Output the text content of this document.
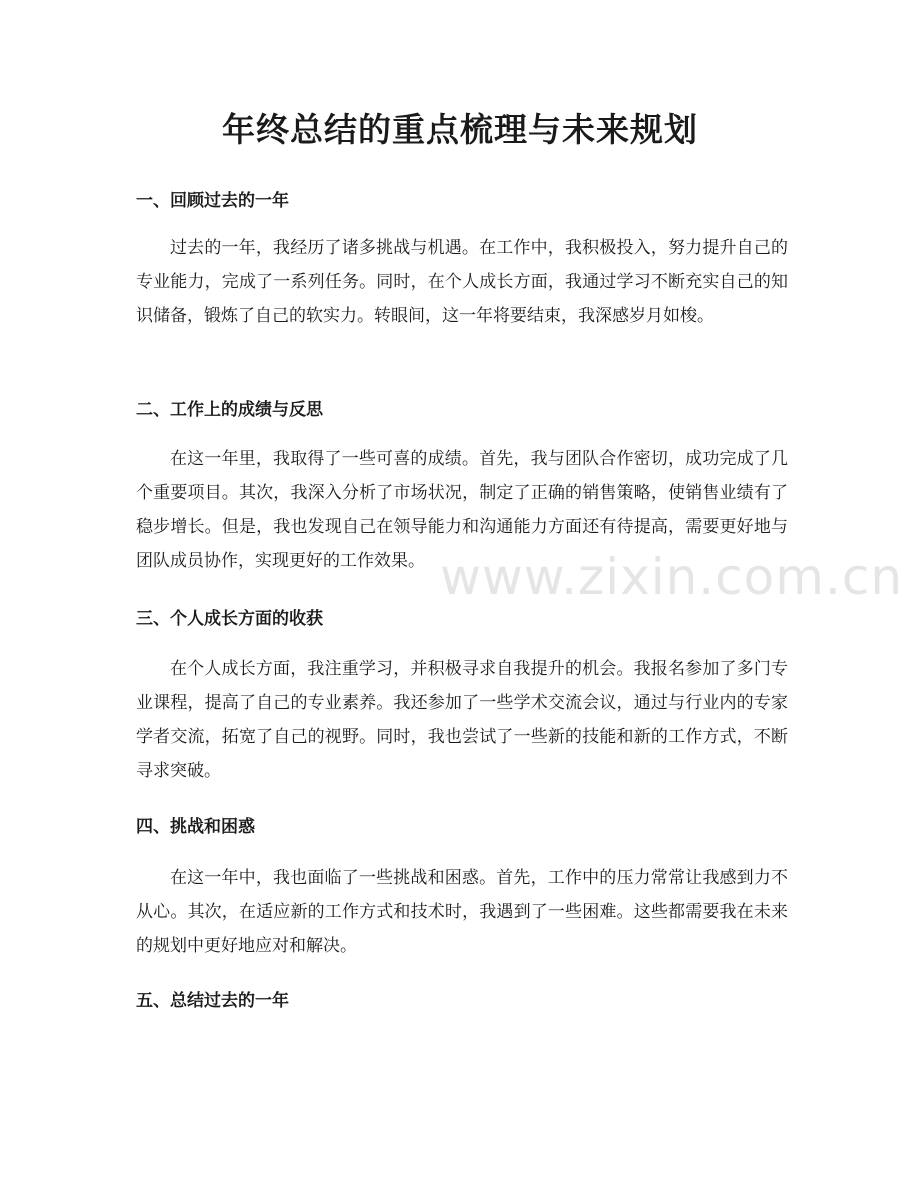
年终总结的重点梳理与未来规划
一、回顾过去的一年

过去的一年，我经历了诸多挑战与机遇。在工作中，我积极投入，努力提升自己的专业能力，完成了一系列任务。同时，在个人成长方面，我通过学习不断充实自己的知识储备，锻炼了自己的软实力。转眼间，这一年将要结束，我深感岁月如梭。

二、工作上的成绩与反思

在这一年里，我取得了一些可喜的成绩。首先，我与团队合作密切，成功完成了几个重要项目。其次，我深入分析了市场状况，制定了正确的销售策略，使销售业绩有了稳步增长。但是，我也发现自己在领导能力和沟通能力方面还有待提高，需要更好地与团队成员协作，实现更好的工作效果。 www.zixin.com.cn
三、个人成长方面的收获

在个人成长方面，我注重学习，并积极寻求自我提升的机会。我报名参加了多门专业课程，提高了自己的专业素养。我还参加了一些学术交流会议，通过与行业内的专家学者交流，拓宽了自己的视野。同时，我也尝试了一些新的技能和新的工作方式，不断寻求突破。

四、挑战和困惑

在这一年中，我也面临了一些挑战和困惑。首先，工作中的压力常常让我感到力不从心。其次，在适应新的工作方式和技术时，我遇到了一些困难。这些都需要我在未来的规划中更好地应对和解决。

五、总结过去的一年
